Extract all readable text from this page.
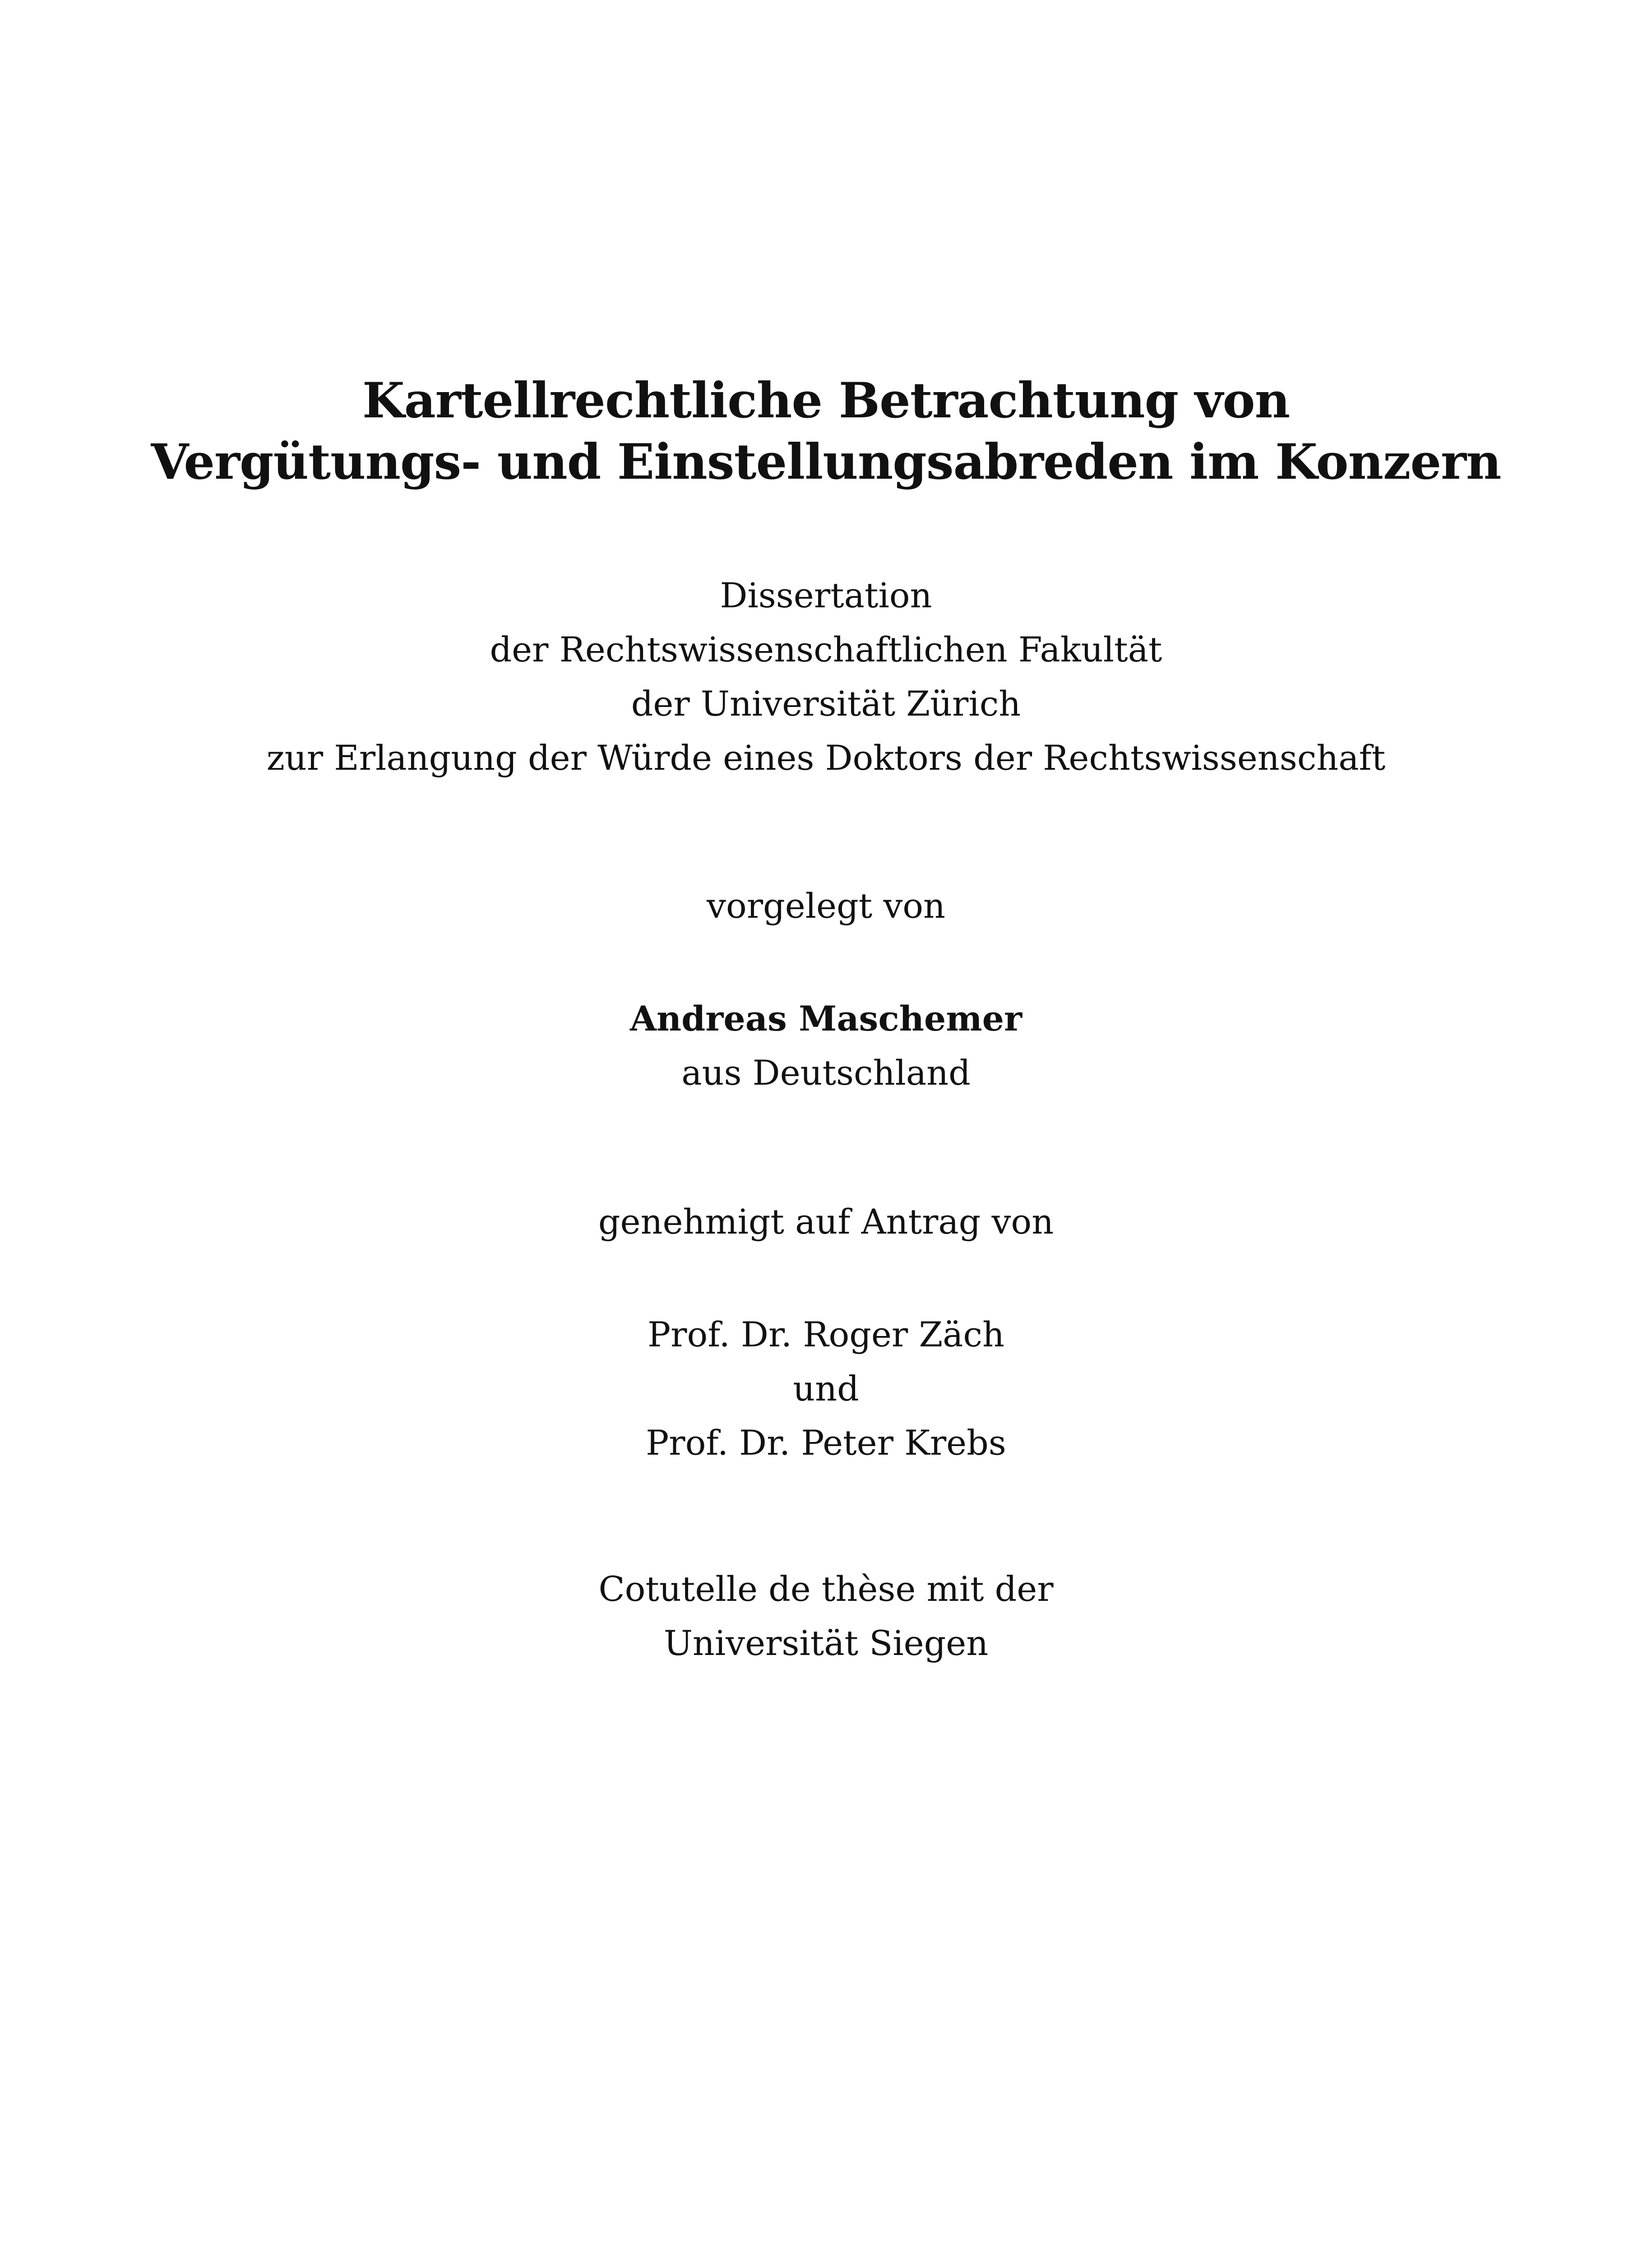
Kartellrechtliche Betrachtung von
Vergütungs- und Einstellungsabreden im Konzern
Dissertation
der Rechtswissenschaftlichen Fakultät
der Universität Zürich
zur Erlangung der Würde eines Doktors der Rechtswissenschaft
vorgelegt von
Andreas Maschemer
aus Deutschland
genehmigt auf Antrag von
Prof. Dr. Roger Zäch
und
Prof. Dr. Peter Krebs
Cotutelle de thèse mit der
Universität Siegen
